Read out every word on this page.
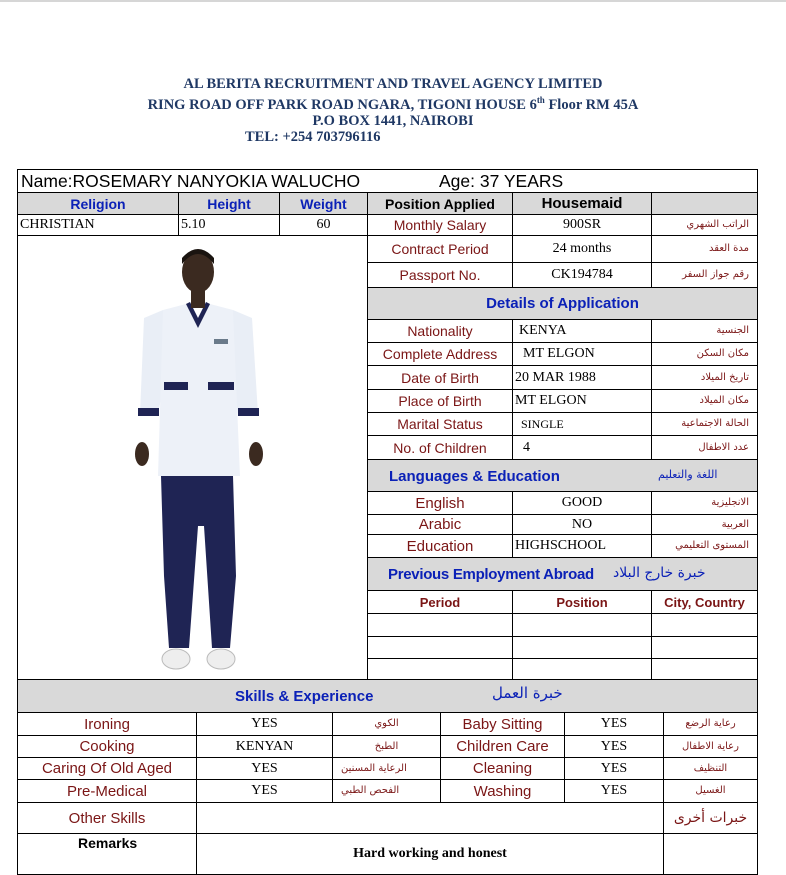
AL BERITA RECRUITMENT AND TRAVEL AGENCY LIMITED
RING ROAD OFF PARK ROAD NGARA, TIGONI HOUSE 6th Floor RM 45A
P.O BOX 1441, NAIROBI
TEL: +254 703796116
Name:ROSEMARY NANYOKIA WALUCHO	Age: 37 YEARS
Religion	Height	Weight	Position Applied	Housemaid
CHRISTIAN	5.10	60	Monthly Salary	900SR	الراتب الشهري
Contract Period	24 months	مدة العقد
Passport No.	CK194784	رقم جواز السفر
Details of Application
Nationality	KENYA	الجنسية
Complete Address	MT ELGON	مكان السكن
Date of Birth	20 MAR 1988	تاريخ الميلاد
Place of Birth	MT ELGON	مكان الميلاد
Marital Status	SINGLE	الحالة الاجتماعية
No. of Children	4	عدد الاطفال
Languages & Education	اللغة والتعليم
English	GOOD	الانجليزية
Arabic	NO	العربية
Education	HIGHSCHOOL	المستوى التعليمي
Previous Employment Abroad خبرة خارج البلاد
Period	Position	City, Country
Skills & Experience	خبرة العمل
Ironing	YES	الكوي	Baby Sitting	YES	رعاية الرضع
Cooking	KENYAN	الطبخ	Children Care	YES	رعاية الاطفال
Caring Of Old Aged	YES	الرعاية المسنين	Cleaning	YES	التنظيف
Pre-Medical	YES	الفحص الطبي	Washing	YES	الغسيل
Other Skills	خبرات أخرى
Remarks
Hard working and honest
